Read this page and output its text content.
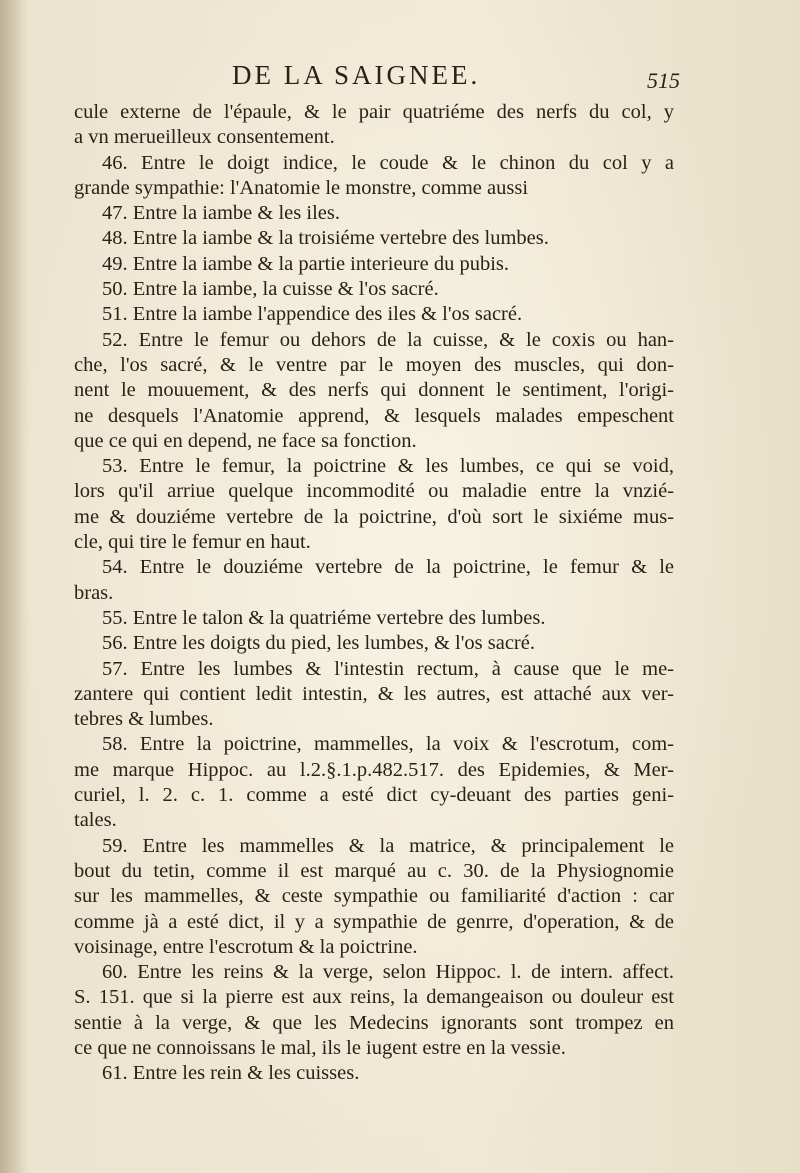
DE LA SAIGNEE.	515
cule externe de l'épaule, & le pair quatriéme des nerfs du col, y
a vn merueilleux consentement.
46. Entre le doigt indice, le coude & le chinon du col y a
grande sympathie: l'Anatomie le monstre, comme aussi
47. Entre la iambe & les iles.
48. Entre la iambe & la troisiéme vertebre des lumbes.
49. Entre la iambe & la partie interieure du pubis.
50. Entre la iambe, la cuisse & l'os sacré.
51. Entre la iambe l'appendice des iles & l'os sacré.
52. Entre le femur ou dehors de la cuisse, & le coxis ou han-
che, l'os sacré, & le ventre par le moyen des muscles, qui don-
nent le mouuement, & des nerfs qui donnent le sentiment, l'origi-
ne desquels l'Anatomie apprend, & lesquels malades empeschent
que ce qui en depend, ne face sa fonction.
53. Entre le femur, la poictrine & les lumbes, ce qui se void,
lors qu'il arriue quelque incommodité ou maladie entre la vnzié-
me & douziéme vertebre de la poictrine, d'où sort le sixiéme mus-
cle, qui tire le femur en haut.
54. Entre le douziéme vertebre de la poictrine, le femur & le
bras.
55. Entre le talon & la quatriéme vertebre des lumbes.
56. Entre les doigts du pied, les lumbes, & l'os sacré.
57. Entre les lumbes & l'intestin rectum, à cause que le me-
zantere qui contient ledit intestin, & les autres, est attaché aux ver-
tebres & lumbes.
58. Entre la poictrine, mammelles, la voix & l'escrotum, com-
me marque Hippoc. au l.2.§.1.p.482.517. des Epidemies, & Mer-
curiel, l. 2. c. 1. comme a esté dict cy-deuant des parties geni-
tales.
59. Entre les mammelles & la matrice, & principalement le
bout du tetin, comme il est marqué au c. 30. de la Physiognomie
sur les mammelles, & ceste sympathie ou familiarité d'action : car
comme jà a esté dict, il y a sympathie de genrre, d'operation, & de
voisinage, entre l'escrotum & la poictrine.
60. Entre les reins & la verge, selon Hippoc. l. de intern. affect.
S. 151. que si la pierre est aux reins, la demangeaison ou douleur est
sentie à la verge, & que les Medecins ignorants sont trompez en
ce que ne connoissans le mal, ils le iugent estre en la vessie.
61. Entre les rein & les cuisses.
